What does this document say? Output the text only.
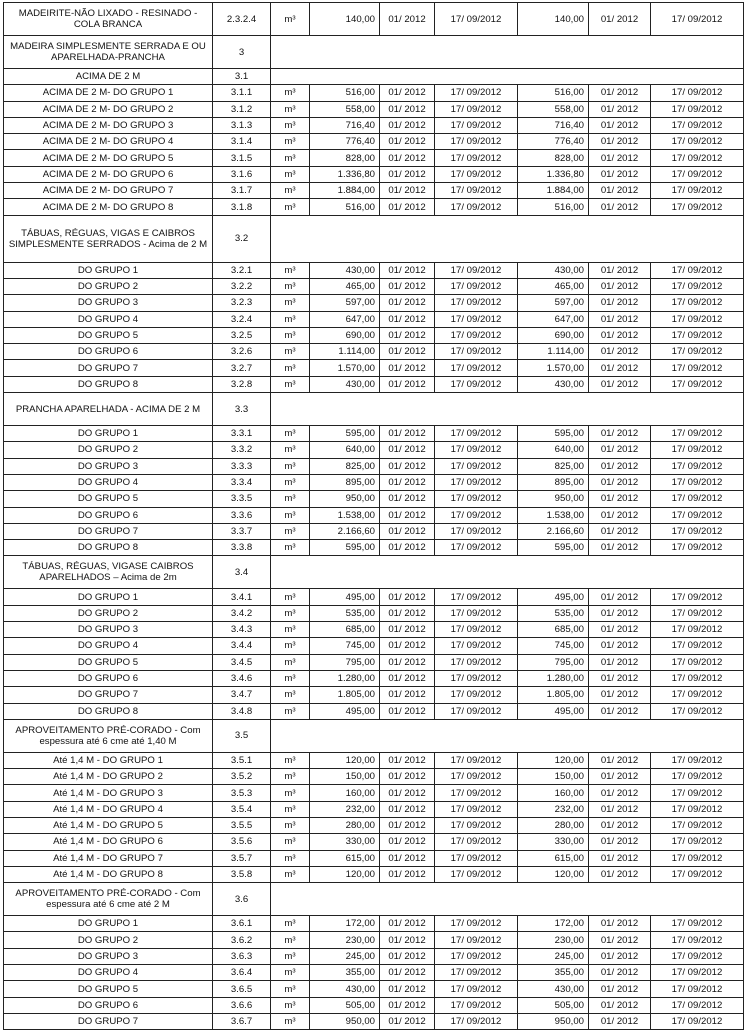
MADEIRITE-NÃO LIXADO - RESINADO - COLA BRANCA	2.3.2.4	m³	140,00	01/ 2012	17/ 09/2012	140,00	01/ 2012	17/ 09/2012
MADEIRA SIMPLESMENTE SERRADA E OU APARELHADA-PRANCHA	3							
ACIMA DE 2 M	3.1							
ACIMA DE 2 M- DO GRUPO 1	3.1.1	m³	516,00	01/ 2012	17/ 09/2012	516,00	01/ 2012	17/ 09/2012
ACIMA DE 2 M- DO GRUPO 2	3.1.2	m³	558,00	01/ 2012	17/ 09/2012	558,00	01/ 2012	17/ 09/2012
ACIMA DE 2 M- DO GRUPO 3	3.1.3	m³	716,40	01/ 2012	17/ 09/2012	716,40	01/ 2012	17/ 09/2012
ACIMA DE 2 M- DO GRUPO 4	3.1.4	m³	776,40	01/ 2012	17/ 09/2012	776,40	01/ 2012	17/ 09/2012
ACIMA DE 2 M- DO GRUPO 5	3.1.5	m³	828,00	01/ 2012	17/ 09/2012	828,00	01/ 2012	17/ 09/2012
ACIMA DE 2 M- DO GRUPO 6	3.1.6	m³	1.336,80	01/ 2012	17/ 09/2012	1.336,80	01/ 2012	17/ 09/2012
ACIMA DE 2 M- DO GRUPO 7	3.1.7	m³	1.884,00	01/ 2012	17/ 09/2012	1.884,00	01/ 2012	17/ 09/2012
ACIMA DE 2 M- DO GRUPO 8	3.1.8	m³	516,00	01/ 2012	17/ 09/2012	516,00	01/ 2012	17/ 09/2012
TÁBUAS, RÉGUAS, VIGAS E CAIBROS SIMPLESMENTE SERRADOS - Acima de 2 M	3.2							
DO GRUPO 1	3.2.1	m³	430,00	01/ 2012	17/ 09/2012	430,00	01/ 2012	17/ 09/2012
DO GRUPO 2	3.2.2	m³	465,00	01/ 2012	17/ 09/2012	465,00	01/ 2012	17/ 09/2012
DO GRUPO 3	3.2.3	m³	597,00	01/ 2012	17/ 09/2012	597,00	01/ 2012	17/ 09/2012
DO GRUPO 4	3.2.4	m³	647,00	01/ 2012	17/ 09/2012	647,00	01/ 2012	17/ 09/2012
DO GRUPO 5	3.2.5	m³	690,00	01/ 2012	17/ 09/2012	690,00	01/ 2012	17/ 09/2012
DO GRUPO 6	3.2.6	m³	1.114,00	01/ 2012	17/ 09/2012	1.114,00	01/ 2012	17/ 09/2012
DO GRUPO 7	3.2.7	m³	1.570,00	01/ 2012	17/ 09/2012	1.570,00	01/ 2012	17/ 09/2012
DO GRUPO 8	3.2.8	m³	430,00	01/ 2012	17/ 09/2012	430,00	01/ 2012	17/ 09/2012
PRANCHA APARELHADA - ACIMA DE 2 M	3.3							
DO GRUPO 1	3.3.1	m³	595,00	01/ 2012	17/ 09/2012	595,00	01/ 2012	17/ 09/2012
DO GRUPO 2	3.3.2	m³	640,00	01/ 2012	17/ 09/2012	640,00	01/ 2012	17/ 09/2012
DO GRUPO 3	3.3.3	m³	825,00	01/ 2012	17/ 09/2012	825,00	01/ 2012	17/ 09/2012
DO GRUPO 4	3.3.4	m³	895,00	01/ 2012	17/ 09/2012	895,00	01/ 2012	17/ 09/2012
DO GRUPO 5	3.3.5	m³	950,00	01/ 2012	17/ 09/2012	950,00	01/ 2012	17/ 09/2012
DO GRUPO 6	3.3.6	m³	1.538,00	01/ 2012	17/ 09/2012	1.538,00	01/ 2012	17/ 09/2012
DO GRUPO 7	3.3.7	m³	2.166,60	01/ 2012	17/ 09/2012	2.166,60	01/ 2012	17/ 09/2012
DO GRUPO 8	3.3.8	m³	595,00	01/ 2012	17/ 09/2012	595,00	01/ 2012	17/ 09/2012
TÁBUAS, RÉGUAS, VIGASE CAIBROS APARELHADOS – Acima de 2m	3.4							
DO GRUPO 1	3.4.1	m³	495,00	01/ 2012	17/ 09/2012	495,00	01/ 2012	17/ 09/2012
DO GRUPO 2	3.4.2	m³	535,00	01/ 2012	17/ 09/2012	535,00	01/ 2012	17/ 09/2012
DO GRUPO 3	3.4.3	m³	685,00	01/ 2012	17/ 09/2012	685,00	01/ 2012	17/ 09/2012
DO GRUPO 4	3.4.4	m³	745,00	01/ 2012	17/ 09/2012	745,00	01/ 2012	17/ 09/2012
DO GRUPO 5	3.4.5	m³	795,00	01/ 2012	17/ 09/2012	795,00	01/ 2012	17/ 09/2012
DO GRUPO 6	3.4.6	m³	1.280,00	01/ 2012	17/ 09/2012	1.280,00	01/ 2012	17/ 09/2012
DO GRUPO 7	3.4.7	m³	1.805,00	01/ 2012	17/ 09/2012	1.805,00	01/ 2012	17/ 09/2012
DO GRUPO 8	3.4.8	m³	495,00	01/ 2012	17/ 09/2012	495,00	01/ 2012	17/ 09/2012
APROVEITAMENTO PRÉ-CORADO - Com espessura até 6 cme até 1,40 M	3.5							
Até 1,4 M - DO GRUPO 1	3.5.1	m³	120,00	01/ 2012	17/ 09/2012	120,00	01/ 2012	17/ 09/2012
Até 1,4 M - DO GRUPO 2	3.5.2	m³	150,00	01/ 2012	17/ 09/2012	150,00	01/ 2012	17/ 09/2012
Até 1,4 M - DO GRUPO 3	3.5.3	m³	160,00	01/ 2012	17/ 09/2012	160,00	01/ 2012	17/ 09/2012
Até 1,4 M - DO GRUPO 4	3.5.4	m³	232,00	01/ 2012	17/ 09/2012	232,00	01/ 2012	17/ 09/2012
Até 1,4 M - DO GRUPO 5	3.5.5	m³	280,00	01/ 2012	17/ 09/2012	280,00	01/ 2012	17/ 09/2012
Até 1,4 M - DO GRUPO 6	3.5.6	m³	330,00	01/ 2012	17/ 09/2012	330,00	01/ 2012	17/ 09/2012
Até 1,4 M - DO GRUPO 7	3.5.7	m³	615,00	01/ 2012	17/ 09/2012	615,00	01/ 2012	17/ 09/2012
Até 1,4 M - DO GRUPO 8	3.5.8	m³	120,00	01/ 2012	17/ 09/2012	120,00	01/ 2012	17/ 09/2012
APROVEITAMENTO PRÉ-CORADO - Com espessura até 6 cme até 2 M	3.6							
DO GRUPO 1	3.6.1	m³	172,00	01/ 2012	17/ 09/2012	172,00	01/ 2012	17/ 09/2012
DO GRUPO 2	3.6.2	m³	230,00	01/ 2012	17/ 09/2012	230,00	01/ 2012	17/ 09/2012
DO GRUPO 3	3.6.3	m³	245,00	01/ 2012	17/ 09/2012	245,00	01/ 2012	17/ 09/2012
DO GRUPO 4	3.6.4	m³	355,00	01/ 2012	17/ 09/2012	355,00	01/ 2012	17/ 09/2012
DO GRUPO 5	3.6.5	m³	430,00	01/ 2012	17/ 09/2012	430,00	01/ 2012	17/ 09/2012
DO GRUPO 6	3.6.6	m³	505,00	01/ 2012	17/ 09/2012	505,00	01/ 2012	17/ 09/2012
DO GRUPO 7	3.6.7	m³	950,00	01/ 2012	17/ 09/2012	950,00	01/ 2012	17/ 09/2012
